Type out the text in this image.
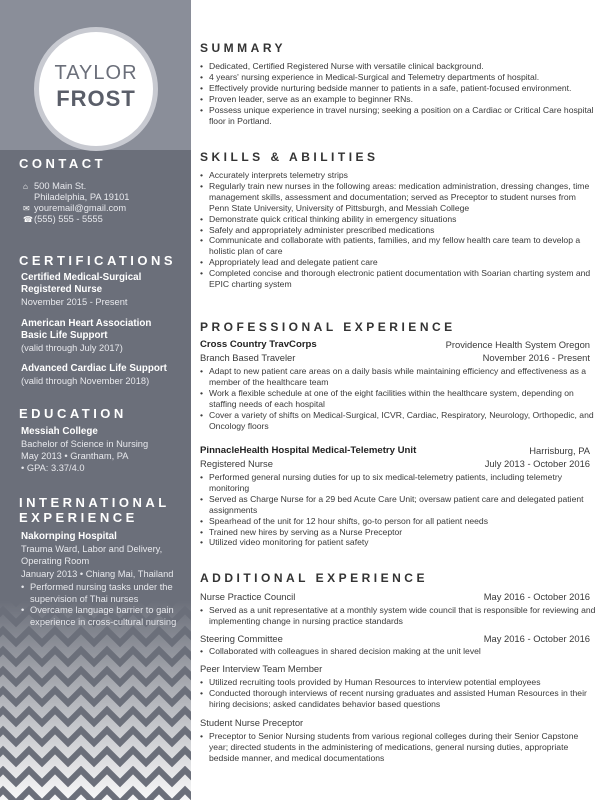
TAYLOR
FROST
CONTACT
⌂ 500 Main St.
Philadelphia, PA 19101
✉ youremail@gmail.com
☎(555) 555 - 5555
CERTIFICATIONS
Certified Medical-Surgical
Registered Nurse
November 2015 - Present
American Heart Association
Basic Life Support
(valid through July 2017)
Advanced Cardiac Life Support
(valid through November 2018)
EDUCATION
Messiah College
Bachelor of Science in Nursing
May 2013 • Grantham, PA
• GPA: 3.37/4.0
INTERNATIONAL
EXPERIENCE
Nakornping Hospital
Trauma Ward, Labor and Delivery,
Operating Room
January 2013 • Chiang Mai, Thailand
• Performed nursing tasks under the supervision of Thai nurses
• Overcame language barrier to gain experience in cross-cultural nursing
SUMMARY
• Dedicated, Certified Registered Nurse with versatile clinical background.
• 4 years' nursing experience in Medical-Surgical and Telemetry departments of hospital.
• Effectively provide nurturing bedside manner to patients in a safe, patient-focused environment.
• Proven leader, serve as an example to beginner RNs.
• Possess unique experience in travel nursing; seeking a position on a Cardiac or Critical Care hospital floor in Portland.
SKILLS & ABILITIES
• Accurately interprets telemetry strips
• Regularly train new nurses in the following areas: medication administration, dressing changes, time management skills, assessment and documentation; served as Preceptor to student nurses from Penn State University, University of Pittsburgh, and Messiah College
• Demonstrate quick critical thinking ability in emergency situations
• Safely and appropriately administer prescribed medications
• Communicate and collaborate with patients, families, and my fellow health care team to develop a holistic plan of care
• Appropriately lead and delegate patient care
• Completed concise and thorough electronic patient documentation with Soarian charting system and EPIC charting system
PROFESSIONAL EXPERIENCE
Cross Country TravCorps	Providence Health System Oregon
Branch Based Traveler	November 2016 - Present
• Adapt to new patient care areas on a daily basis while maintaining efficiency and effectiveness as a member of the healthcare team
• Work a flexible schedule at one of the eight facilities within the healthcare system, depending on staffing needs of each hospital
• Cover a variety of shifts on Medical-Surgical, ICVR, Cardiac, Respiratory, Neurology, Orthopedic, and Oncology floors
PinnacleHealth Hospital Medical-Telemetry Unit	Harrisburg, PA
Registered Nurse	July 2013 - October 2016
• Performed general nursing duties for up to six medical-telemetry patients, including telemetry monitoring
• Served as Charge Nurse for a 29 bed Acute Care Unit; oversaw patient care and delegated patient assignments
• Spearhead of the unit for 12 hour shifts, go-to person for all patient needs
• Trained new hires by serving as a Nurse Preceptor
• Utilized video monitoring for patient safety
ADDITIONAL EXPERIENCE
Nurse Practice Council	May 2016 - October 2016
• Served as a unit representative at a monthly system wide council that is responsible for reviewing and implementing change in nursing practice standards
Steering Committee	May 2016 - October 2016
• Collaborated with colleagues in shared decision making at the unit level
Peer Interview Team Member
• Utilized recruiting tools provided by Human Resources to interview potential employees
• Conducted thorough interviews of recent nursing graduates and assisted Human Resources in their hiring decisions; asked candidates behavior based questions
Student Nurse Preceptor
• Preceptor to Senior Nursing students from various regional colleges during their Senior Capstone year; directed students in the administering of medications, general nursing duties, appropriate bedside manner, and medical documentations
